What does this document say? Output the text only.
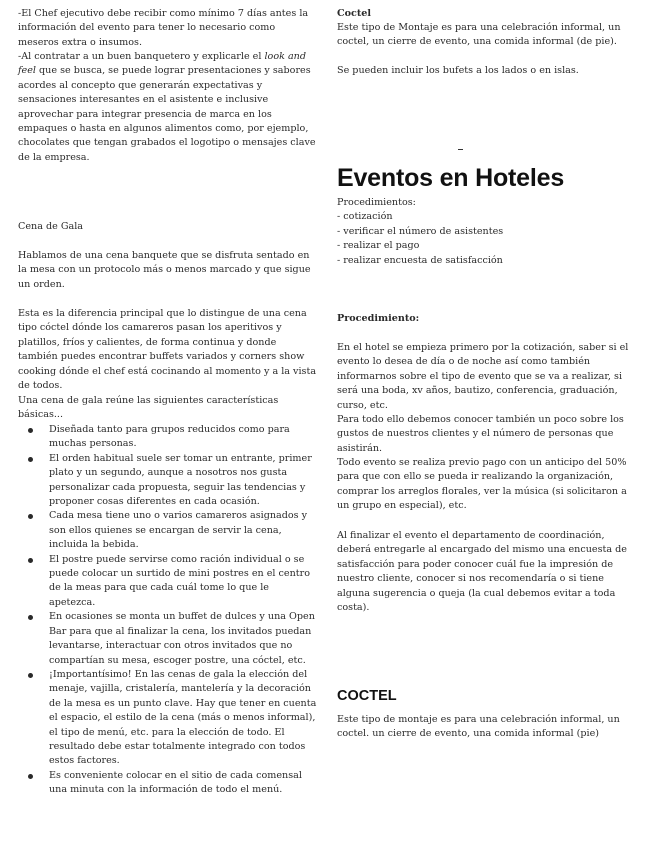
-El Chef ejecutivo debe recibir como mínimo 7 días antes la información del evento para tener lo necesario como meseros extra o insumos.

-Al contratar a un buen banquetero y explicarle el look and feel que se busca, se puede lograr presentaciones y sabores acordes al concepto que generarán expectativas y sensaciones interesantes en el asistente e inclusive aprovechar para integrar presencia de marca en los empaques o hasta en algunos alimentos como, por ejemplo, chocolates que tengan grabados el logotipo o mensajes clave de la empresa.

Cena de Gala

Hablamos de una cena banquete que se disfruta sentado en la mesa con un protocolo más o menos marcado y que sigue un orden.

Esta es la diferencia principal que lo distingue de una cena tipo cóctel dónde los camareros pasan los aperitivos y platillos, fríos y calientes, de forma continua y donde también puedes encontrar buffets variados y corners show cooking dónde el chef está cocinando al momento y a la vista de todos.

Una cena de gala reúne las siguientes características básicas...

Diseñada tanto para grupos reducidos como para muchas personas.
El orden habitual suele ser tomar un entrante, primer plato y un segundo, aunque a nosotros nos gusta personalizar cada propuesta, seguir las tendencias y proponer cosas diferentes en cada ocasión.
Cada mesa tiene uno o varios camareros asignados y son ellos quienes se encargan de servir la cena, incluida la bebida.
El postre puede servirse como ración individual o se puede colocar un surtido de mini postres en el centro de la meas para que cada cuál tome lo que le apetezca.
En ocasiones se monta un buffet de dulces y una Open Bar para que al finalizar la cena, los invitados puedan levantarse, interactuar con otros invitados que no compartían su mesa, escoger postre, una cóctel, etc.
¡Importantísimo! En las cenas de gala la elección del menaje, vajilla, cristalería, mantelería y la decoración de la mesa es un punto clave. Hay que tener en cuenta el espacio, el estilo de la cena (más o menos informal), el tipo de menú, etc. para la elección de todo. El resultado debe estar totalmente integrado con todos estos factores.
Es conveniente colocar en el sitio de cada comensal una minuta con la información de todo el menú.

Coctel

Este tipo de Montaje es para una celebración informal, un coctel, un cierre de evento, una comida informal (de pie).

Se pueden incluir los bufets a los lados o en islas.

Eventos en Hoteles

Procedimientos:

- cotización
- verificar el número de asistentes
- realizar el pago
- realizar encuesta de satisfacción

Procedimiento:

En el hotel se empieza primero por la cotización, saber si el evento lo desea de día o de noche así como también informarnos sobre el tipo de evento que se va a realizar, si será una boda, xv años, bautizo, conferencia, graduación, curso, etc.

Para todo ello debemos conocer también un poco sobre los gustos de nuestros clientes y el número de personas que asistirán.

Todo evento se realiza previo pago con un anticipo del 50% para que con ello se pueda ir realizando la organización, comprar los arreglos florales, ver la música (si solicitaron a un grupo en especial), etc.

Al finalizar el evento el departamento de coordinación, deberá entregarle al encargado del mismo una encuesta de satisfacción para poder conocer cuál fue la impresión de nuestro cliente, conocer si nos recomendaría o si tiene alguna sugerencia o queja (la cual debemos evitar a toda costa).

COCTEL

Este tipo de montaje es para una celebración informal, un coctel. un cierre de evento, una comida informal (pie)
